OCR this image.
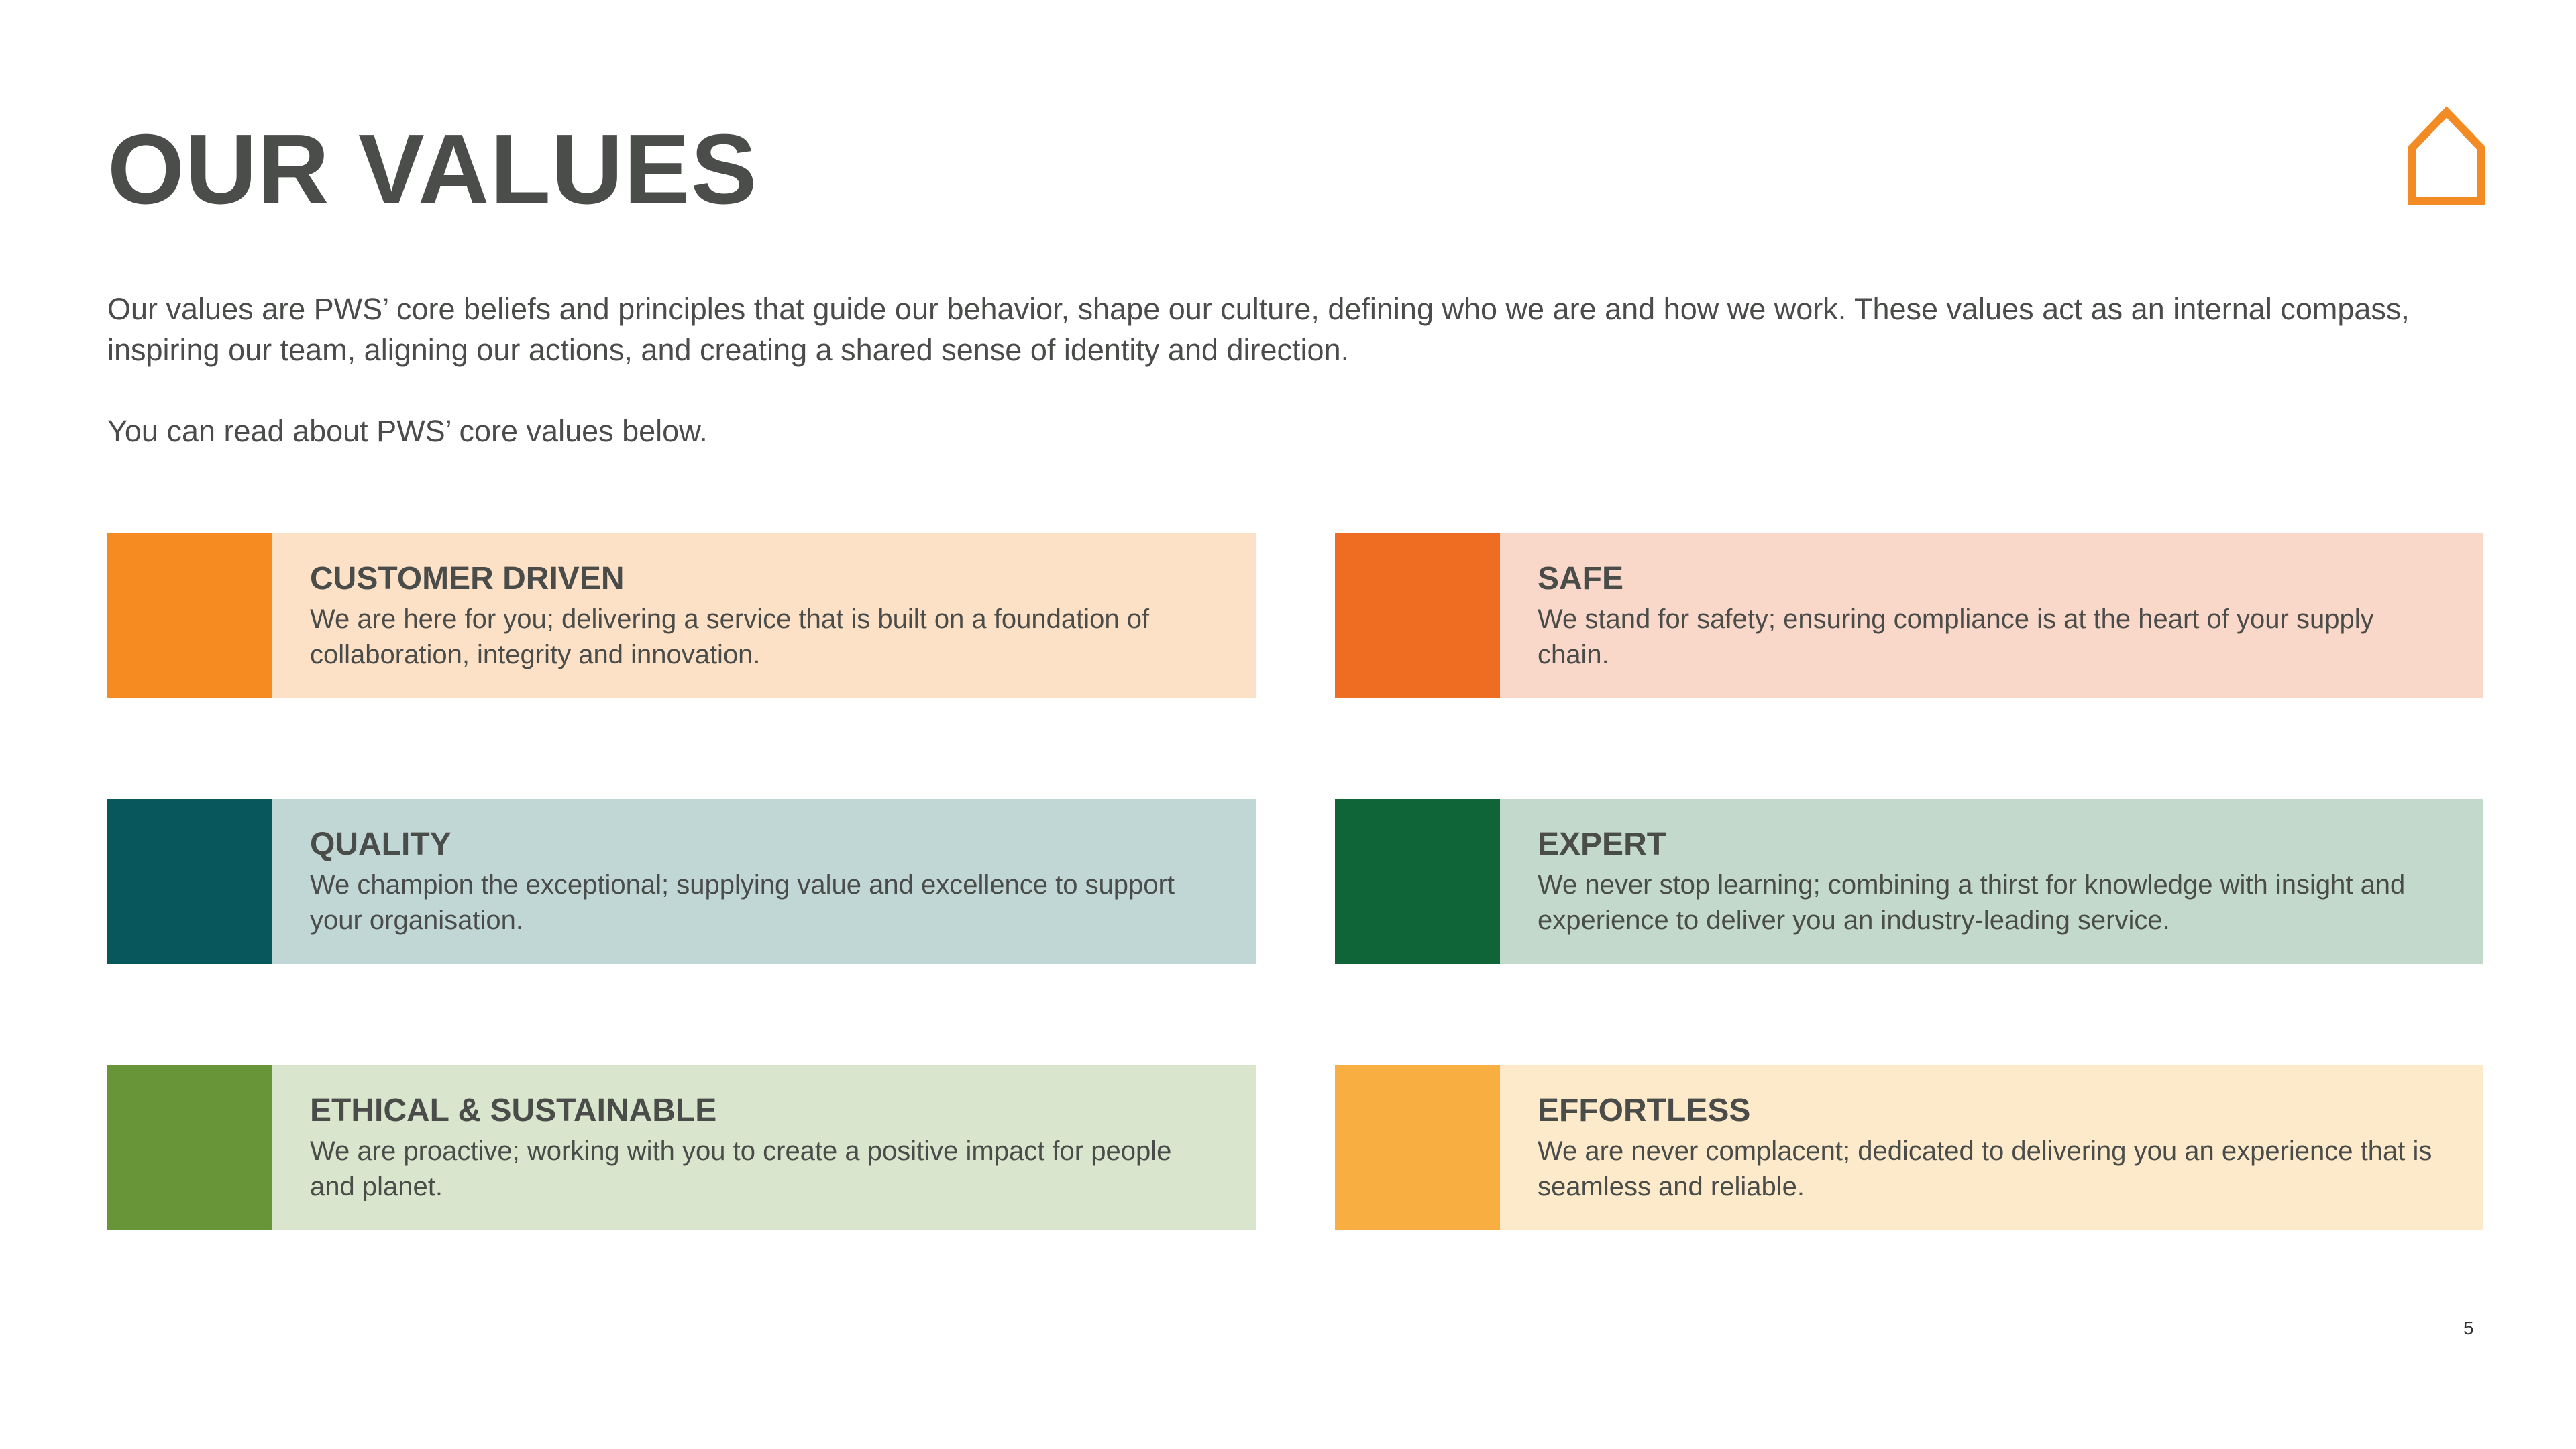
OUR VALUES

Our values are PWS’ core beliefs and principles that guide our behavior, shape our culture, defining who we are and how we work. These values act as an internal compass, inspiring our team, aligning our actions, and creating a shared sense of identity and direction.

You can read about PWS’ core values below.

CUSTOMER DRIVEN

We are here for you; delivering a service that is built on a foundation of collaboration, integrity and innovation.

SAFE

We stand for safety; ensuring compliance is at the heart of your supply chain.

QUALITY

We champion the exceptional; supplying value and excellence to support your organisation.

EXPERT

We never stop learning; combining a thirst for knowledge with insight and experience to deliver you an industry-leading service.

ETHICAL & SUSTAINABLE

We are proactive; working with you to create a positive impact for people and planet.

EFFORTLESS

We are never complacent; dedicated to delivering you an experience that is seamless and reliable.

5
